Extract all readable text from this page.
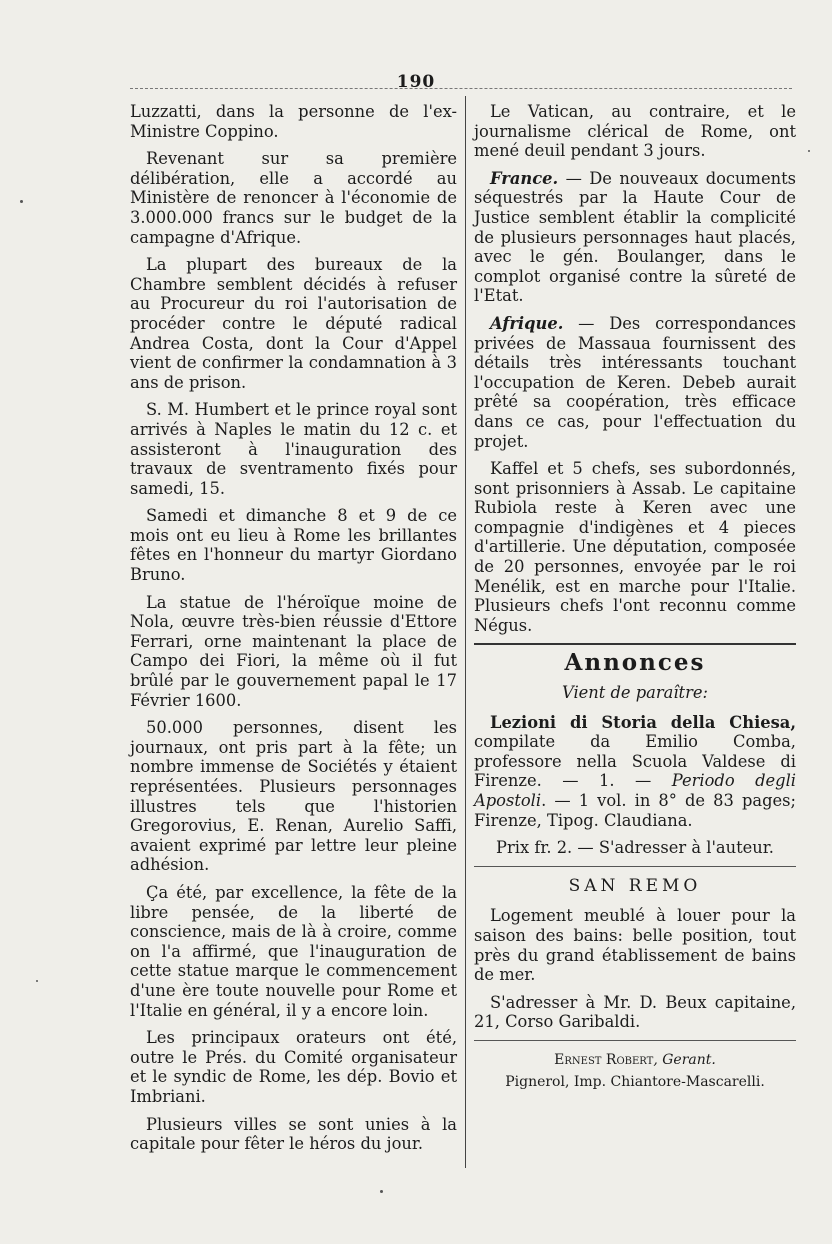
190

Luzzatti, dans la personne de l'ex-Ministre Coppino.

Revenant sur sa première délibération, elle a accordé au Ministère de renoncer à l'économie de 3.000.000 francs sur le budget de la campagne d'Afrique.

La plupart des bureaux de la Chambre semblent décidés à refuser au Procureur du roi l'autorisation de procéder contre le député radical Andrea Costa, dont la Cour d'Appel vient de confirmer la condamnation à 3 ans de prison.

S. M. Humbert et le prince royal sont arrivés à Naples le matin du 12 c. et assisteront à l'inauguration des travaux de sventramento fixés pour samedi, 15.

Samedi et dimanche 8 et 9 de ce mois ont eu lieu à Rome les brillantes fêtes en l'honneur du martyr Giordano Bruno.

La statue de l'héroïque moine de Nola, œuvre très-bien réussie d'Ettore Ferrari, orne maintenant la place de Campo dei Fiori, la même où il fut brûlé par le gouvernement papal le 17 Février 1600.

50.000 personnes, disent les journaux, ont pris part à la fête; un nombre immense de Sociétés y étaient représentées. Plusieurs personnages illustres tels que l'historien Gregorovius, E. Renan, Aurelio Saffi, avaient exprimé par lettre leur pleine adhésion.

Ça été, par excellence, la fête de la libre pensée, de la liberté de conscience, mais de là à croire, comme on l'a affirmé, que l'inauguration de cette statue marque le commencement d'une ère toute nouvelle pour Rome et l'Italie en général, il y a encore loin.

Les principaux orateurs ont été, outre le Prés. du Comité organisateur et le syndic de Rome, les dép. Bovio et Imbriani.

Plusieurs villes se sont unies à la capitale pour fêter le héros du jour.

Le Vatican, au contraire, et le journalisme clérical de Rome, ont mené deuil pendant 3 jours.

France. — De nouveaux documents séquestrés par la Haute Cour de Justice semblent établir la complicité de plusieurs personnages haut placés, avec le gén. Boulanger, dans le complot organisé contre la sûreté de l'Etat.

Afrique. — Des correspondances privées de Massaua fournissent des détails très intéressants touchant l'occupation de Keren. Debeb aurait prêté sa coopération, très efficace dans ce cas, pour l'effectuation du projet.

Kaffel et 5 chefs, ses subordonnés, sont prisonniers à Assab. Le capitaine Rubiola reste à Keren avec une compagnie d'indigènes et 4 pieces d'artillerie. Une députation, composée de 20 personnes, envoyée par le roi Menélik, est en marche pour l'Italie. Plusieurs chefs l'ont reconnu comme Négus.

Annonces
Vient de paraître:

Lezioni di Storia della Chiesa, compilate da Emilio Comba, professore nella Scuola Valdese di Firenze. — 1. — Periodo degli Apostoli. — 1 vol. in 8° de 83 pages; Firenze, Tipog. Claudiana.

Prix fr. 2. — S'adresser à l'auteur.
SAN REMO

Logement meublé à louer pour la saison des bains: belle position, tout près du grand établissement de bains de mer.

S'adresser à Mr. D. Beux capitaine, 21, Corso Garibaldi.

Ernest Robert, Gerant.
Pignerol, Imp. Chiantore-Mascarelli.
